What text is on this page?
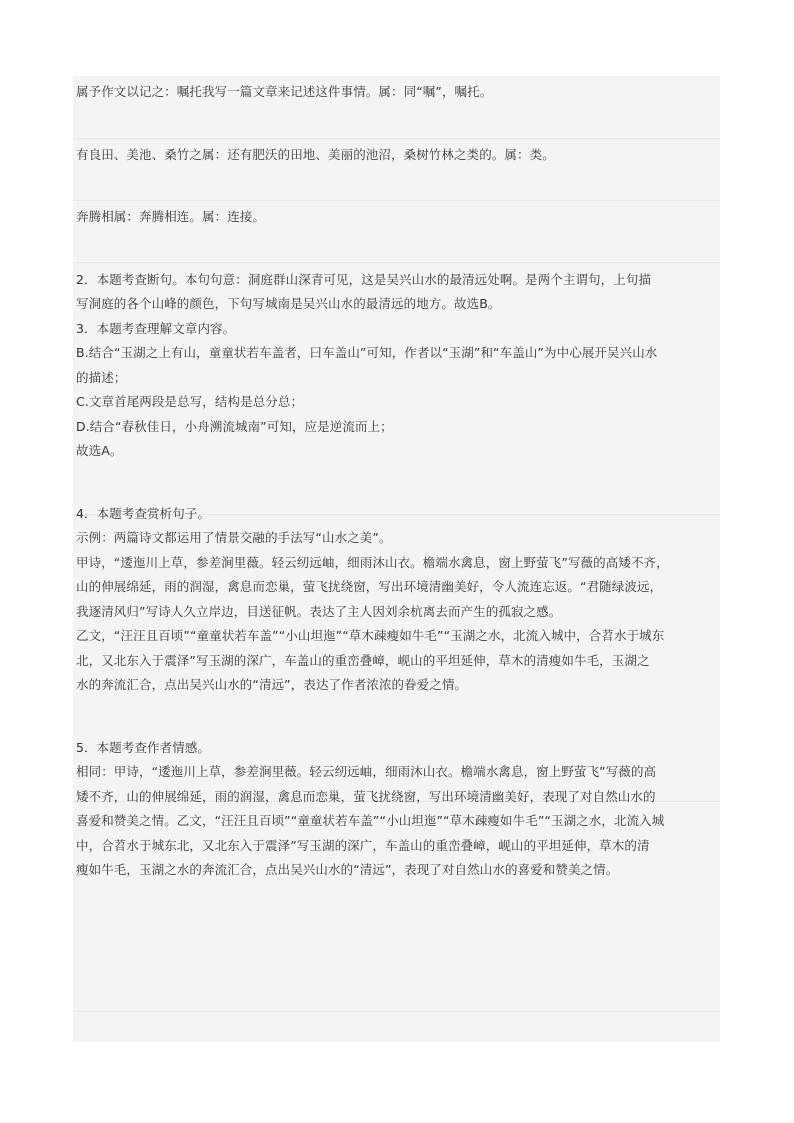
属予作文以记之：嘱托我写一篇文章来记述这件事情。属：同“嘱”，嘱托。
有良田、美池、桑竹之属：还有肥沃的田地、美丽的池沼，桑树竹林之类的。属：类。
奔腾相属：奔腾相连。属：连接。
2．本题考查断句。本句句意：洞庭群山深青可见，这是吴兴山水的最清远处啊。是两个主谓句，上句描
写洞庭的各个山峰的颜色，下句写城南是吴兴山水的最清远的地方。故选B。
3．本题考查理解文章内容。
B.结合“玉湖之上有山，童童状若车盖者，曰车盖山”可知，作者以“玉湖”和“车盖山”为中心展开吴兴山水
的描述；
C.文章首尾两段是总写，结构是总分总；
D.结合“春秋佳日，小舟溯流城南”可知，应是逆流而上；
故选A。
4．本题考查赏析句子。
示例：两篇诗文都运用了情景交融的手法写“山水之美”。
甲诗，“逶迤川上草，参差涧里薇。轻云纫远岫，细雨沐山衣。檐端水禽息，窗上野萤飞”写薇的高矮不齐，
山的伸展绵延，雨的润湿，禽息而恋巢，萤飞扰绕窗，写出环境清幽美好，令人流连忘返。“君随绿波远，
我逐清风归”写诗人久立岸边，目送征帆。表达了主人因刘余杭离去而产生的孤寂之感。
乙文，“汪汪且百顷”“童童状若车盖”“小山坦迤”“草木疎瘦如牛毛”“玉湖之水，北流入城中，合苕水于城东
北，又北东入于震泽”写玉湖的深广，车盖山的重峦叠嶂，岘山的平坦延伸，草木的清瘦如牛毛，玉湖之
水的奔流汇合，点出吴兴山水的“清远”，表达了作者浓浓的眷爱之情。
5．本题考查作者情感。
相同：甲诗，“逶迤川上草，参差涧里薇。轻云纫远岫，细雨沐山衣。檐端水禽息，窗上野萤飞”写薇的高
矮不齐，山的伸展绵延，雨的润湿，禽息而恋巢，萤飞扰绕窗，写出环境清幽美好，表现了对自然山水的
喜爱和赞美之情。乙文，“汪汪且百顷”“童童状若车盖”“小山坦迤”“草木疎瘦如牛毛”“玉湖之水，北流入城
中，合苕水于城东北，又北东入于震泽”写玉湖的深广，车盖山的重峦叠嶂，岘山的平坦延伸，草木的清
瘦如牛毛，玉湖之水的奔流汇合，点出吴兴山水的“清远”，表现了对自然山水的喜爱和赞美之情。
